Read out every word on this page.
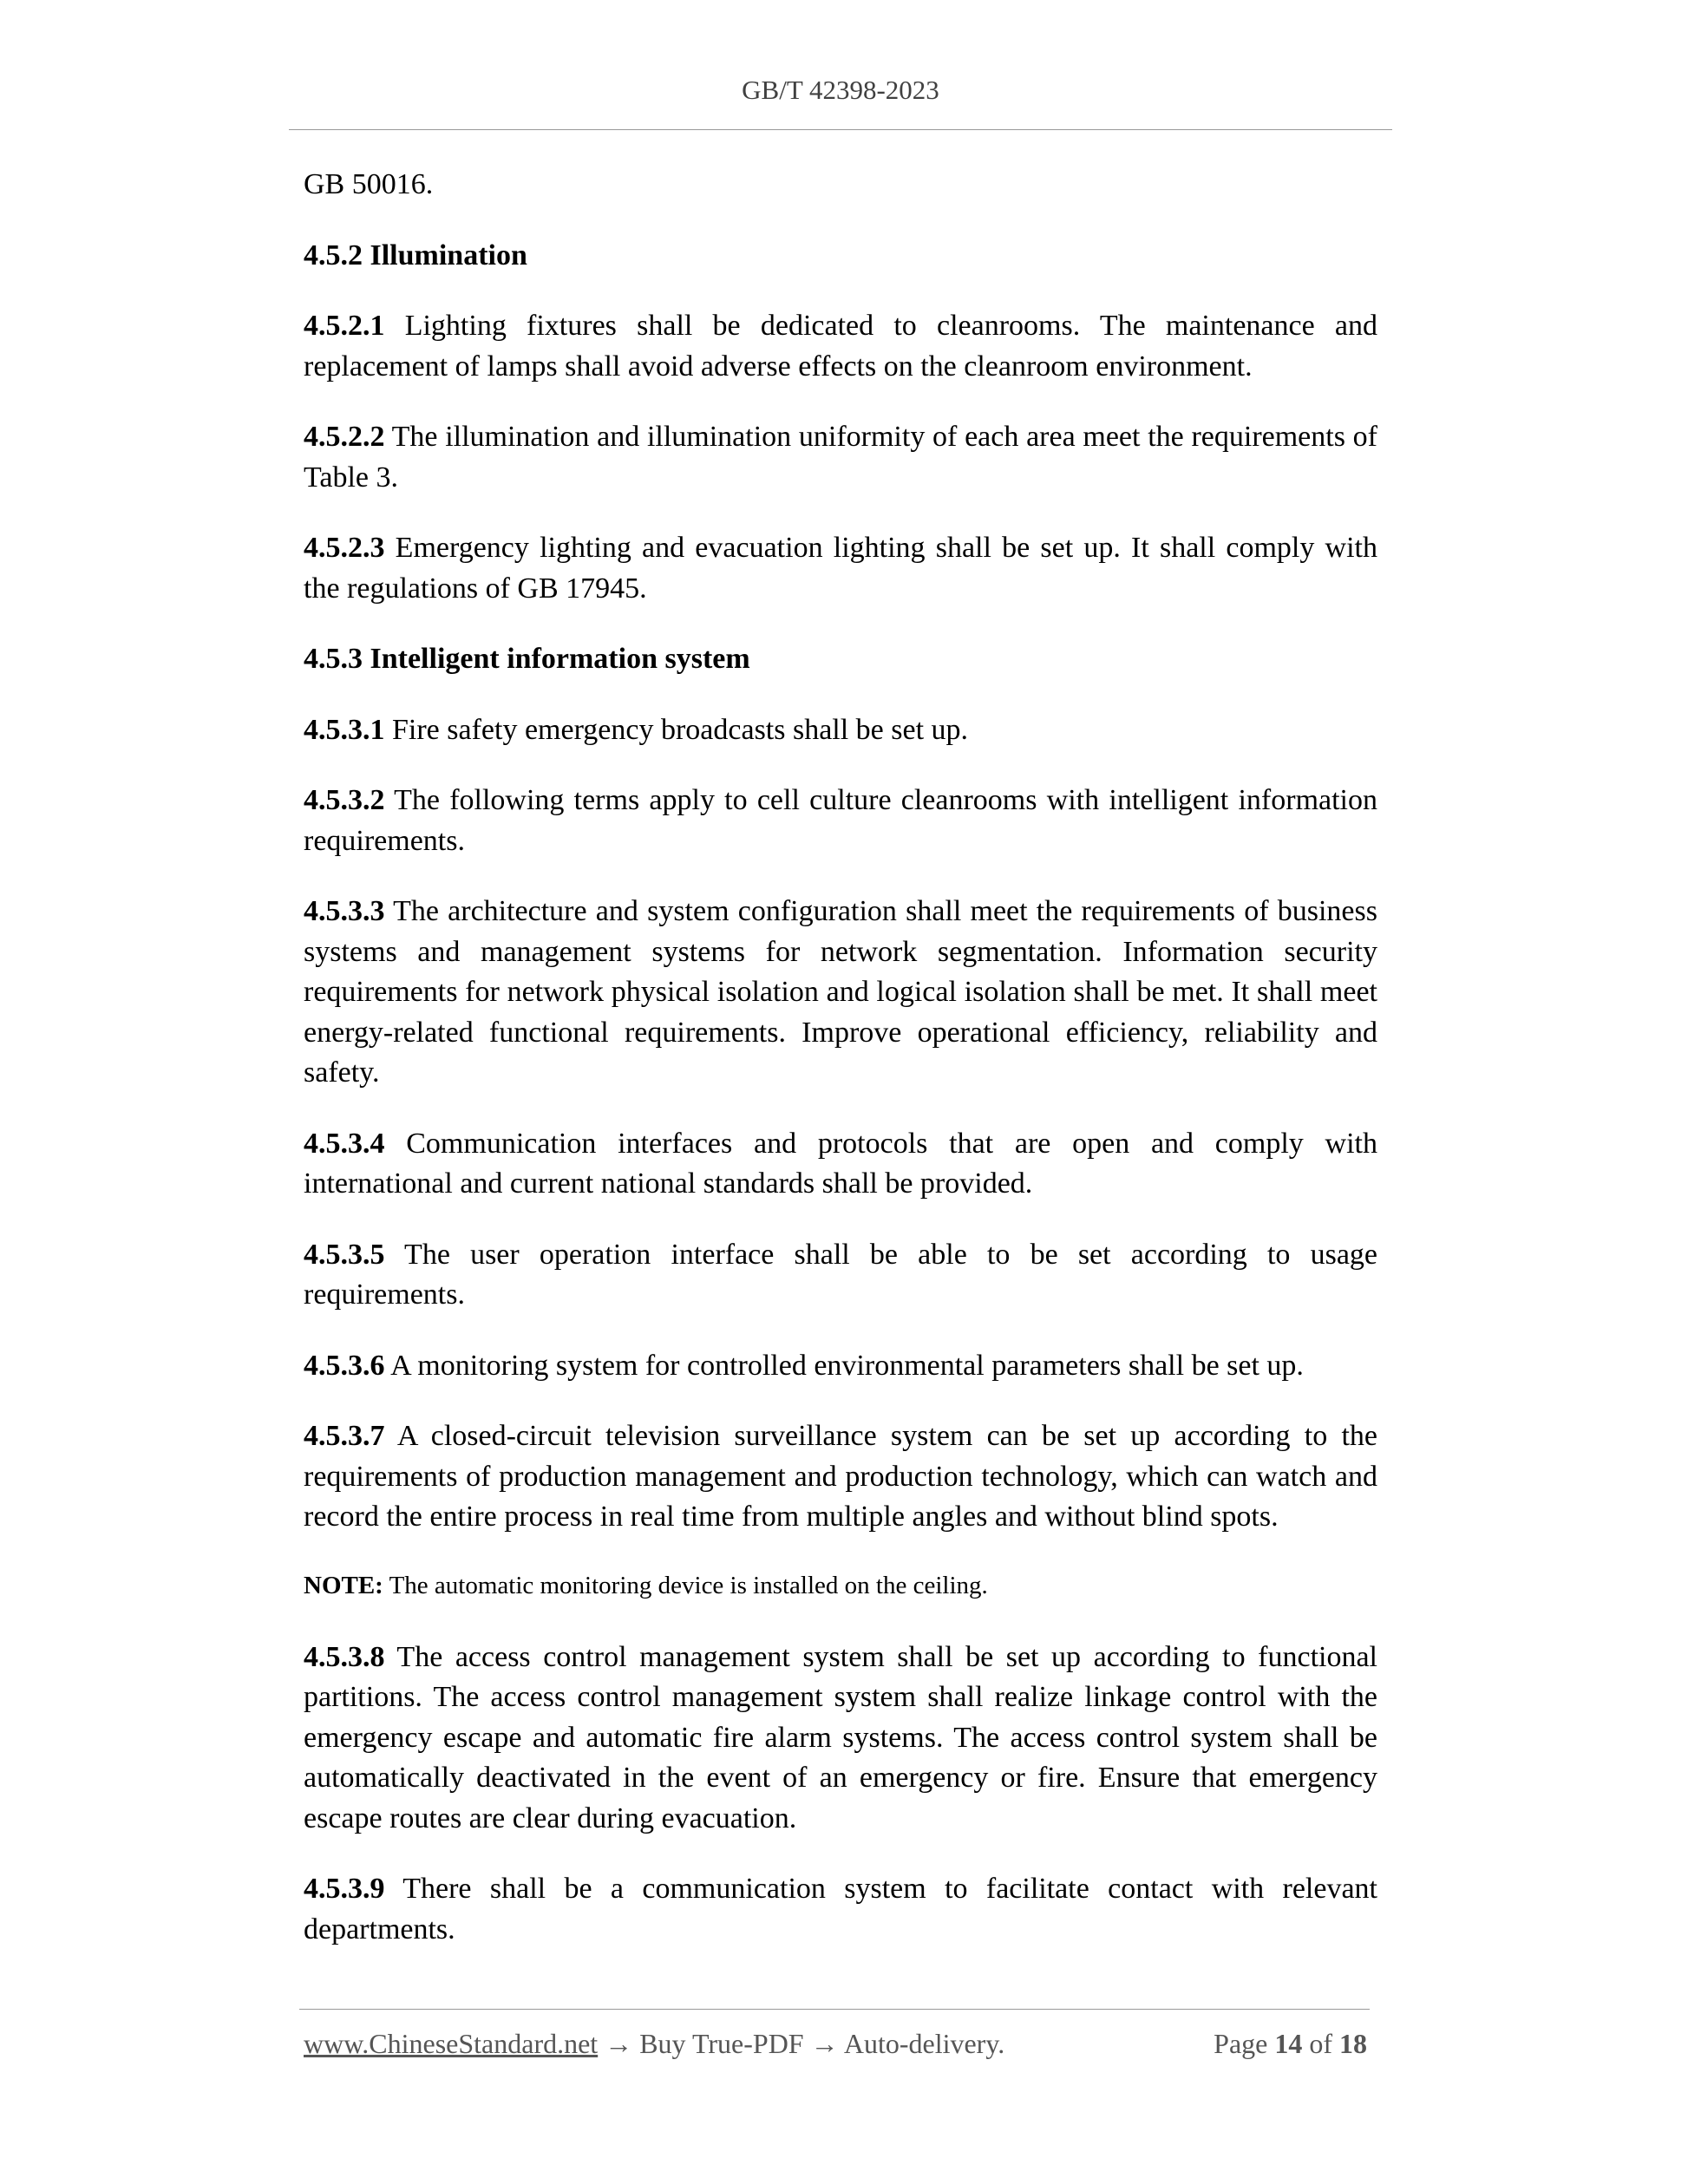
GB/T 42398-2023

GB 50016.

4.5.2 Illumination

4.5.2.1 Lighting fixtures shall be dedicated to cleanrooms. The maintenance and replacement of lamps shall avoid adverse effects on the cleanroom environment.

4.5.2.2 The illumination and illumination uniformity of each area meet the requirements of Table 3.

4.5.2.3 Emergency lighting and evacuation lighting shall be set up. It shall comply with the regulations of GB 17945.

4.5.3 Intelligent information system

4.5.3.1 Fire safety emergency broadcasts shall be set up.

4.5.3.2 The following terms apply to cell culture cleanrooms with intelligent information requirements.

4.5.3.3 The architecture and system configuration shall meet the requirements of business systems and management systems for network segmentation. Information security requirements for network physical isolation and logical isolation shall be met. It shall meet energy-related functional requirements. Improve operational efficiency, reliability and safety.

4.5.3.4 Communication interfaces and protocols that are open and comply with international and current national standards shall be provided.

4.5.3.5 The user operation interface shall be able to be set according to usage requirements.

4.5.3.6 A monitoring system for controlled environmental parameters shall be set up.

4.5.3.7 A closed-circuit television surveillance system can be set up according to the requirements of production management and production technology, which can watch and record the entire process in real time from multiple angles and without blind spots.

NOTE: The automatic monitoring device is installed on the ceiling.

4.5.3.8 The access control management system shall be set up according to functional partitions. The access control management system shall realize linkage control with the emergency escape and automatic fire alarm systems. The access control system shall be automatically deactivated in the event of an emergency or fire. Ensure that emergency escape routes are clear during evacuation.

4.5.3.9 There shall be a communication system to facilitate contact with relevant departments.

www.ChineseStandard.net → Buy True-PDF → Auto-delivery.	Page 14 of 18
